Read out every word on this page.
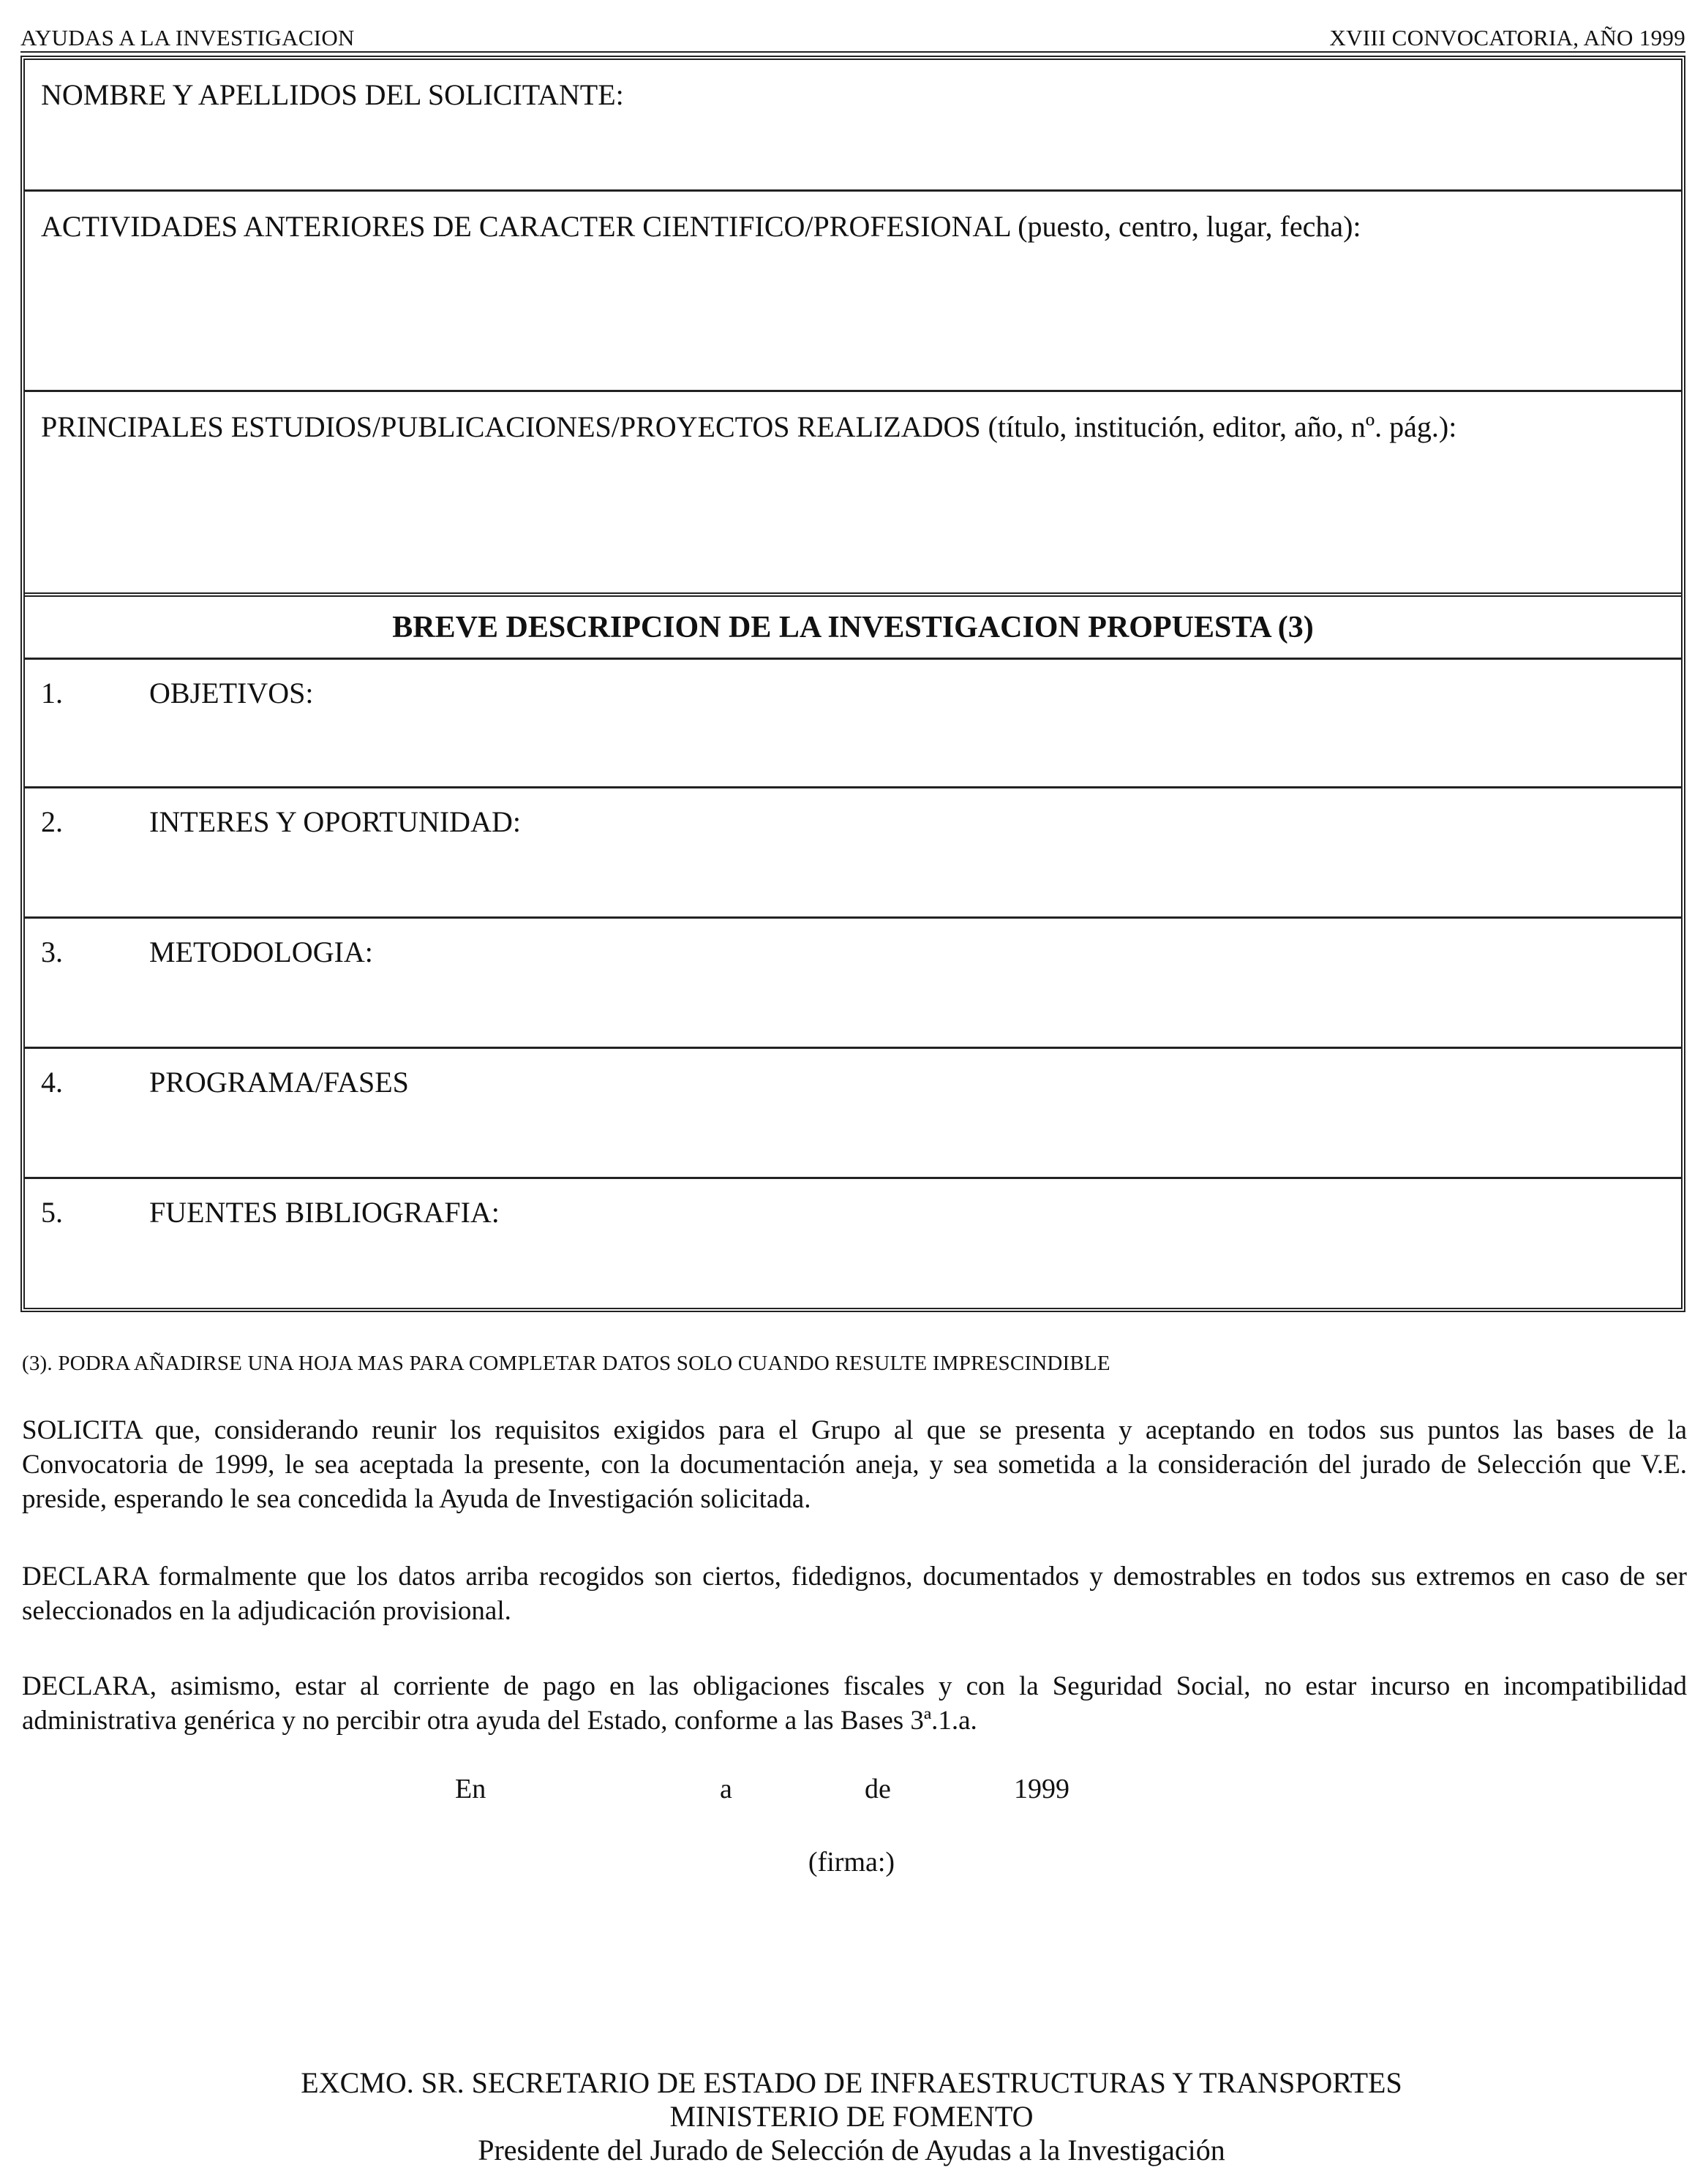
AYUDAS A LA INVESTIGACION	XVIII CONVOCATORIA, AÑO 1999
NOMBRE Y APELLIDOS DEL SOLICITANTE:
ACTIVIDADES ANTERIORES DE CARACTER CIENTIFICO/PROFESIONAL (puesto, centro, lugar, fecha):
PRINCIPALES ESTUDIOS/PUBLICACIONES/PROYECTOS REALIZADOS (título, institución, editor, año, nº. pág.):
BREVE DESCRIPCION DE LA INVESTIGACION PROPUESTA (3)
1.	OBJETIVOS:
2.	INTERES Y OPORTUNIDAD:
3.	METODOLOGIA:
4.	PROGRAMA/FASES
5.	FUENTES BIBLIOGRAFIA:
(3). PODRA AÑADIRSE UNA HOJA MAS PARA COMPLETAR DATOS SOLO CUANDO RESULTE IMPRESCINDIBLE
SOLICITA que, considerando reunir los requisitos exigidos para el Grupo al que se presenta y aceptando en todos sus puntos las bases de la Convocatoria de 1999, le sea aceptada la presente, con la documentación aneja, y sea sometida a la consideración del jurado de Selección que V.E. preside, esperando le sea concedida la Ayuda de Investigación solicitada.
DECLARA formalmente que los datos arriba recogidos son ciertos, fidedignos, documentados y demostrables en todos sus extremos en caso de ser seleccionados en la adjudicación provisional.
DECLARA, asimismo, estar al corriente de pago en las obligaciones fiscales y con la Seguridad Social, no estar incurso en incompatibilidad administrativa genérica y no percibir otra ayuda del Estado, conforme a las Bases 3ª.1.a.
En	a	de	1999
(firma:)
EXCMO. SR. SECRETARIO DE ESTADO DE INFRAESTRUCTURAS Y TRANSPORTES
MINISTERIO DE FOMENTO
Presidente del Jurado de Selección de Ayudas a la Investigación
